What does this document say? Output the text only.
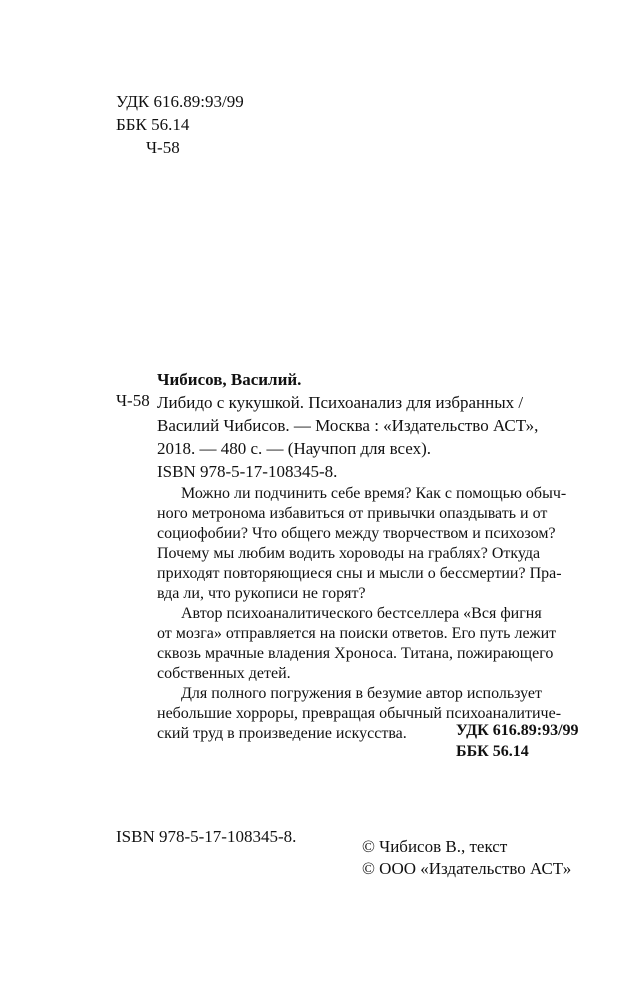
УДК 616.89:93/99
ББК 56.14
Ч-58
Чибисов, Василий.
Ч-58 Либидо с кукушкой. Психоанализ для избранных /
Василий Чибисов. — Москва : «Издательство АСТ»,
2018. — 480 с. — (Научпоп для всех).
ISBN 978-5-17-108345-8.
Можно ли подчинить себе время? Как с помощью обыч-
ного метронома избавиться от привычки опаздывать и от
социофобии? Что общего между творчеством и психозом?
Почему мы любим водить хороводы на граблях? Откуда
приходят повторяющиеся сны и мысли о бессмертии? Пра-
вда ли, что рукописи не горят?
Автор психоаналитического бестселлера «Вся фигня
от мозга» отправляется на поиски ответов. Его путь лежит
сквозь мрачные владения Хроноса. Титана, пожирающего
собственных детей.
Для полного погружения в безумие автор использует
небольшие хорроры, превращая обычный психоаналитиче-
ский труд в произведение искусства.	УДК 616.89:93/99
ББК 56.14
ISBN 978-5-17-108345-8.
© Чибисов В., текст
© ООО «Издательство АСТ»
